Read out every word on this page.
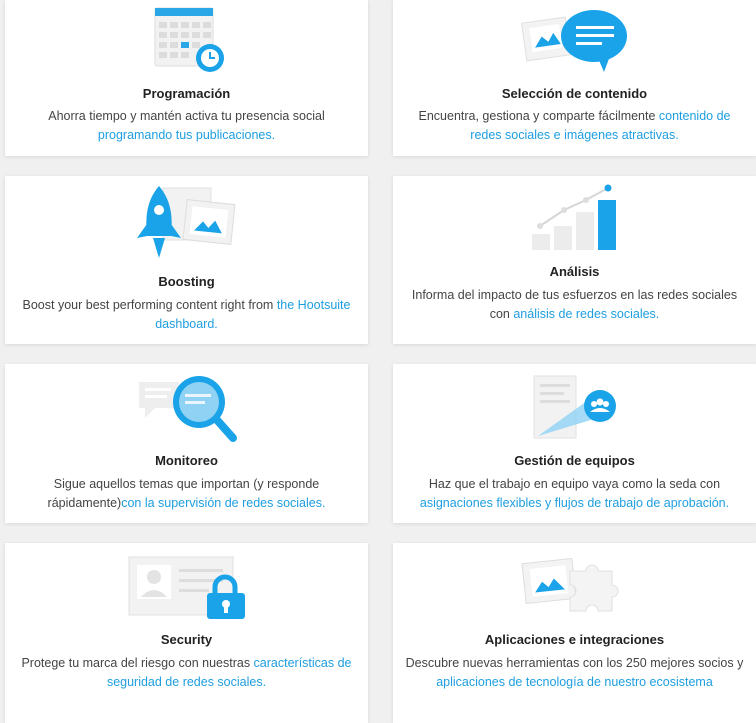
Programación

Ahorra tiempo y mantén activa tu presencia social programando tus publicaciones.

Selección de contenido

Encuentra, gestiona y comparte fácilmente contenido de redes sociales e imágenes atractivas.

Boosting

Boost your best performing content right from the Hootsuite dashboard.

Análisis

Informa del impacto de tus esfuerzos en las redes sociales con análisis de redes sociales.

Monitoreo

Sigue aquellos temas que importan (y responde rápidamente)con la supervisión de redes sociales.

Gestión de equipos

Haz que el trabajo en equipo vaya como la seda con asignaciones flexibles y flujos de trabajo de aprobación.

Security

Protege tu marca del riesgo con nuestras características de seguridad de redes sociales.

Aplicaciones e integraciones

Descubre nuevas herramientas con los 250 mejores socios y aplicaciones de tecnología de nuestro ecosistema
